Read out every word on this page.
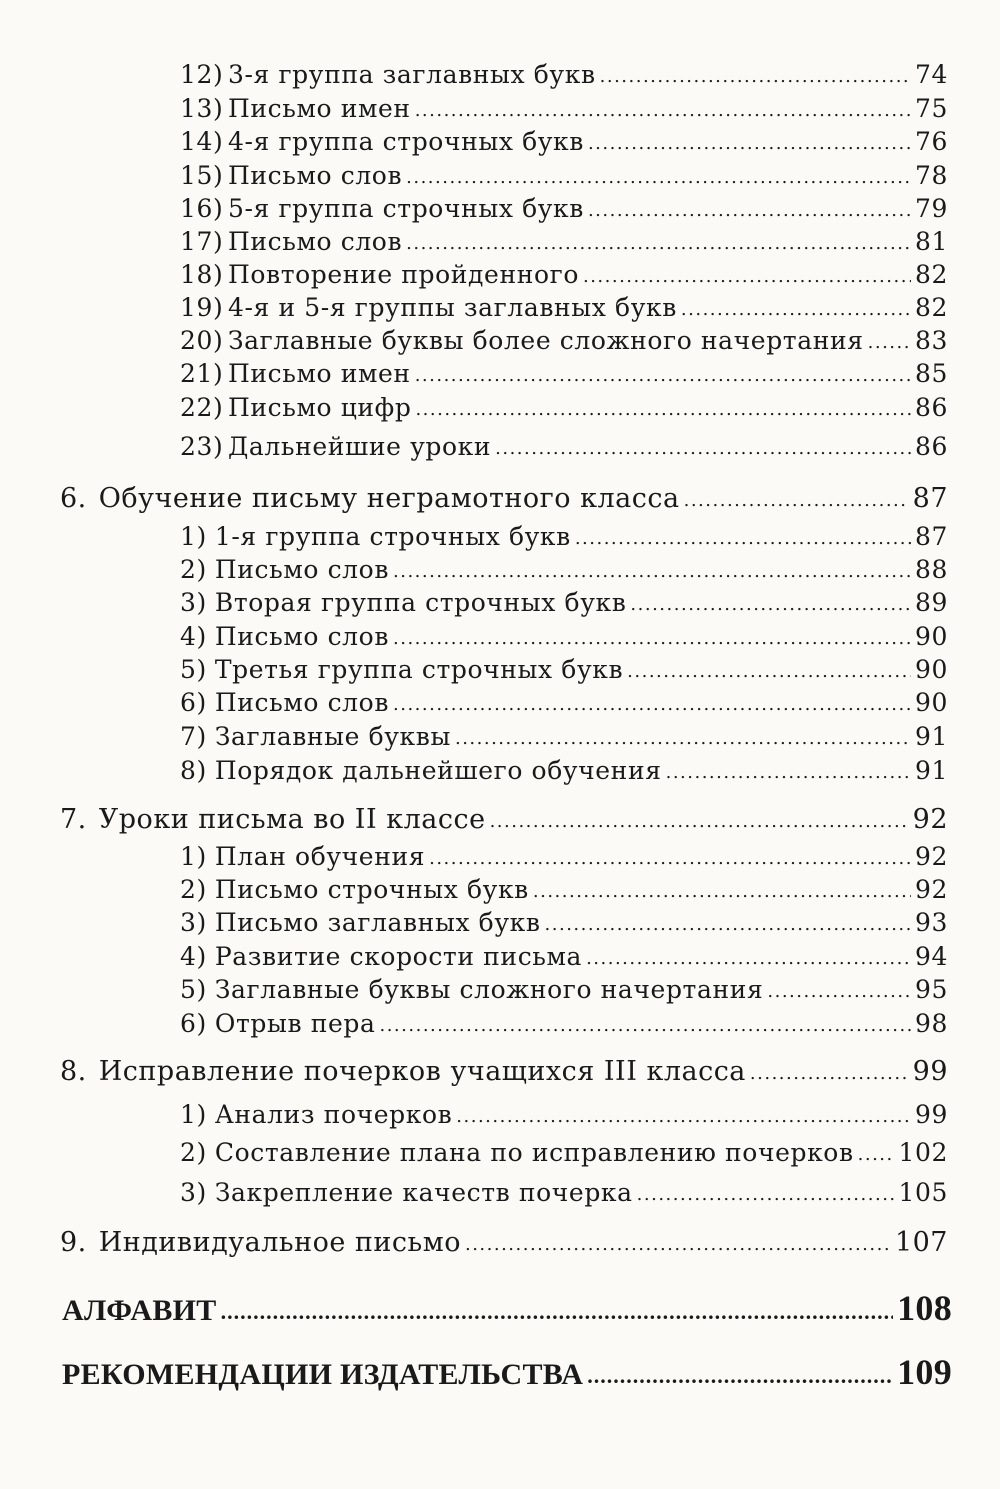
12) 3-я группа заглавных букв .....	74
13) Письмо имен .....	75
14) 4-я группа строчных букв .....	76
15) Письмо слов .....	78
16) 5-я группа строчных букв .....	79
17) Письмо слов .....	81
18) Повторение пройденного .....	82
19) 4-я и 5-я группы заглавных букв .....	82
20) Заглавные буквы более сложного начертания ..... 83
21) Письмо имен .....	85
22) Письмо цифр .....	86
23) Дальнейшие уроки .....	86
6. Обучение письму неграмотного класса .....	87
1) 1-я группа строчных букв .....	87
2) Письмо слов .....	88
3) Вторая группа строчных букв .....	89
4) Письмо слов .....	90
5) Третья группа строчных букв .....	90
6) Письмо слов .....	90
7) Заглавные буквы .....	91
8) Порядок дальнейшего обучения .....	91
7. Уроки письма во II классе .....	92
1) План обучения .....	92
2) Письмо строчных букв .....	92
3) Письмо заглавных букв .....	93
4) Развитие скорости письма .....	94
5) Заглавные буквы сложного начертания .....	95
6) Отрыв пера .....	98
8. Исправление почерков учащихся III класса .....	99
1) Анализ почерков .....	99
2) Составление плана по исправлению почерков ..... 102
3) Закрепление качеств почерка .....	105
9. Индивидуальное письмо .....	107
АЛФАВИТ .....	108
РЕКОМЕНДАЦИИ ИЗДАТЕЛЬСТВА .....	109
